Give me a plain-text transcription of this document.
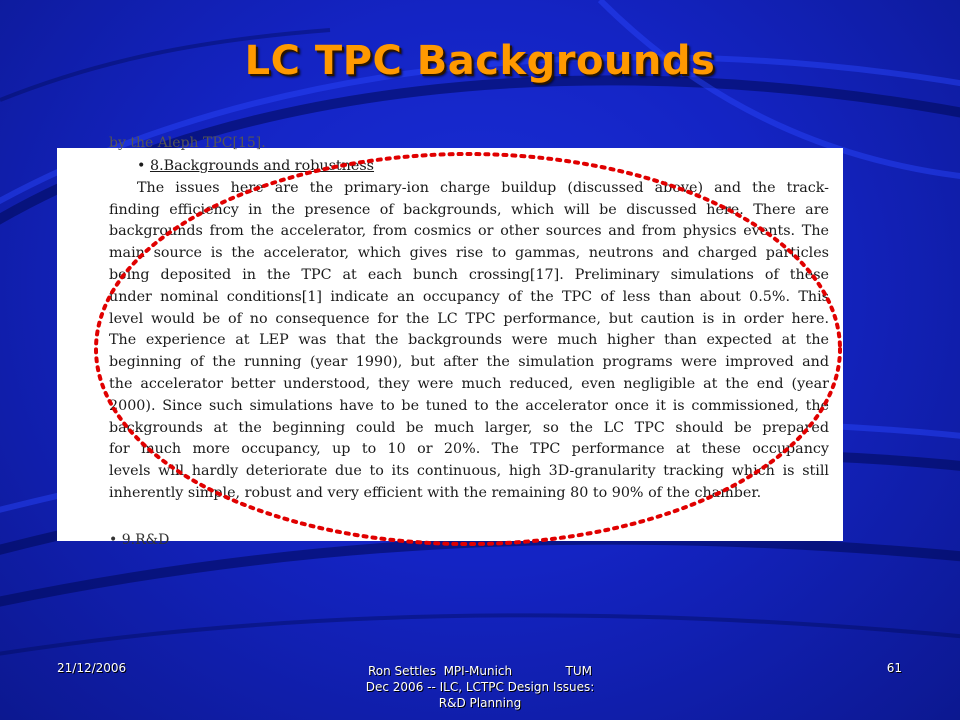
LC TPC Backgrounds
by the Aleph TPC[15].
• 8.Backgrounds and robustness
The issues here are the primary-ion charge buildup (discussed above) and the track-
finding efficiency in the presence of backgrounds, which will be discussed here. There are
backgrounds from the accelerator, from cosmics or other sources and from physics events. The
main source is the accelerator, which gives rise to gammas, neutrons and charged particles
being deposited in the TPC at each bunch crossing[17]. Preliminary simulations of these
under nominal conditions[1] indicate an occupancy of the TPC of less than about 0.5%. This
level would be of no consequence for the LC TPC performance, but caution is in order here.
The experience at LEP was that the backgrounds were much higher than expected at the
beginning of the running (year 1990), but after the simulation programs were improved and
the accelerator better understood, they were much reduced, even negligible at the end (year
2000). Since such simulations have to be tuned to the accelerator once it is commissioned, the
backgrounds at the beginning could be much larger, so the LC TPC should be prepared
for much more occupancy, up to 10 or 20%. The TPC performance at these occupancy
levels will hardly deteriorate due to its continuous, high 3D-granularity tracking which is still
inherently simple, robust and very efficient with the remaining 80 to 90% of the chamber.
• 9.R&D
21/12/2006	Ron Settles  MPI-Munich              TUM
Dec 2006 -- ILC, LCTPC Design Issues:
R&D Planning
61
